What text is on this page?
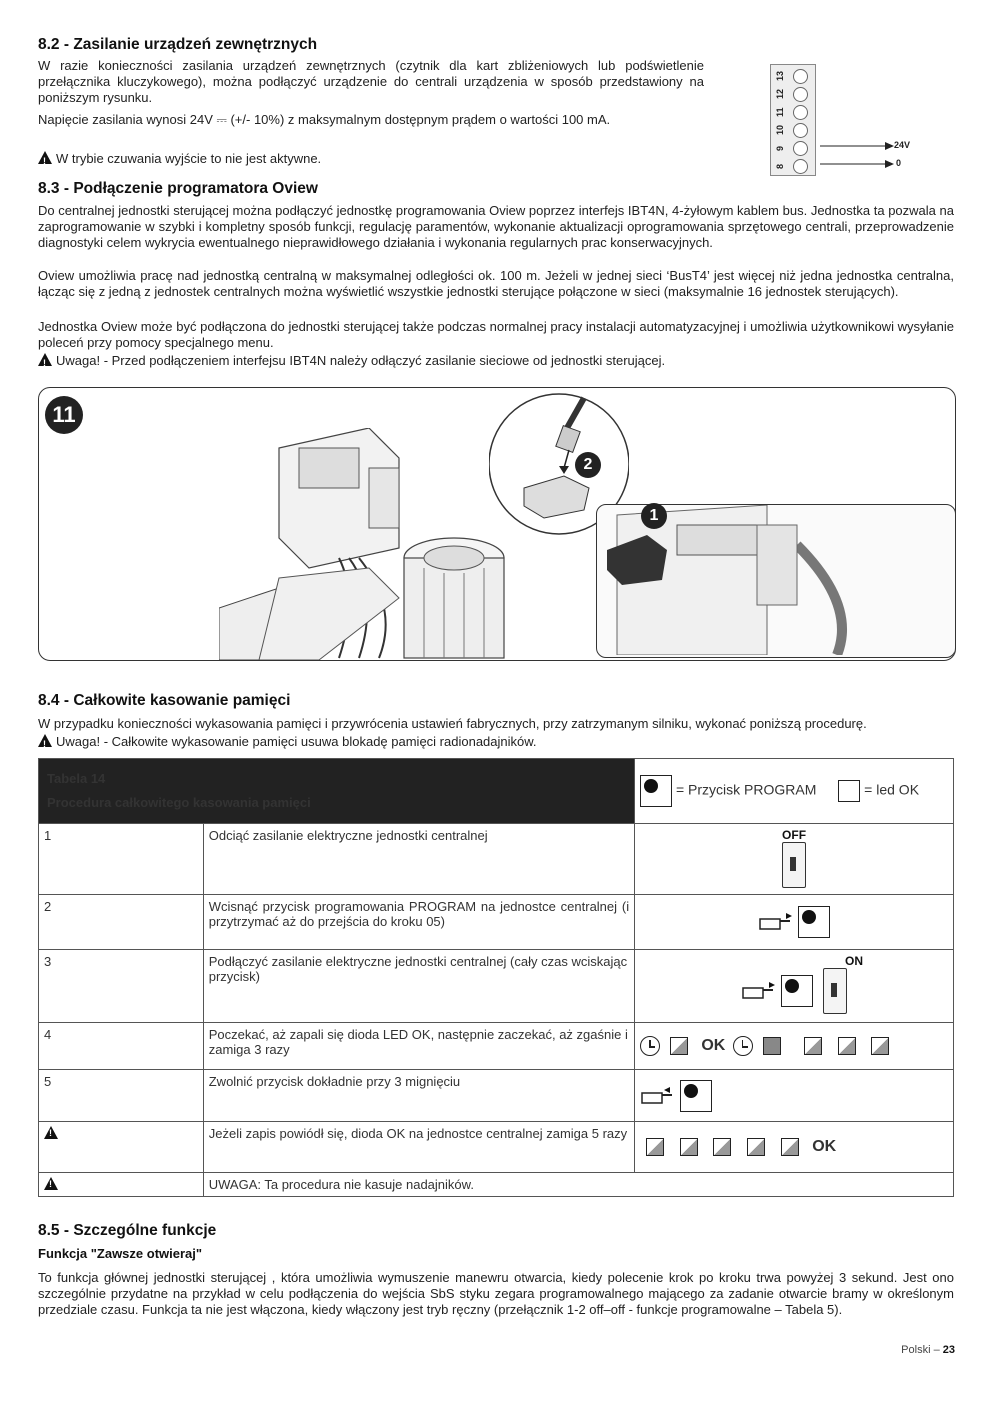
8.2 - Zasilanie urządzeń zewnętrznych

W razie konieczności zasilania urządzeń zewnętrznych (czytnik dla kart zbliżeniowych lub podświetlenie przełącznika kluczykowego), można podłączyć urządzenie do centrali urządzenia w sposób przedstawiony na poniższym rysunku.

Napięcie zasilania wynosi 24V ⎓ (+/- 10%) z maksymalnym dostępnym prądem o wartości 100 mA.

!W trybie czuwania wyjście to nie jest aktywne.

13
12
11
10
9
8
24V
0
8.3 - Podłączenie programatora Oview

Do centralnej jednostki sterującej można podłączyć jednostkę programowania Oview poprzez interfejs IBT4N, 4-żyłowym kablem bus. Jednostka ta pozwala na zaprogramowanie w szybki i kompletny sposób funkcji, regulację paramentów, wykonanie aktualizacji oprogramowania sprzętowego centrali, przeprowadzenie diagnostyki celem wykrycia ewentualnego nieprawidłowego działania i wykonania regularnych prac konserwacyjnych.

Oview umożliwia pracę nad jednostką centralną w maksymalnej odległości ok. 100 m. Jeżeli w jednej sieci ‘BusT4’ jest więcej niż jedna jednostka centralna, łącząc się z jedną z jednostek centralnych można wyświetlić wszystkie jednostki sterujące połączone w sieci (maksymalnie 16 jednostek sterujących).

Jednostka Oview może być podłączona do jednostki sterującej także podczas normalnej pracy instalacji automatyzacyjnej i umożliwia użytkownikowi wysyłanie poleceń przy pomocy specjalnego menu.

!Uwaga! - Przed podłączeniem interfejsu IBT4N należy odłączyć zasilanie sieciowe od jednostki sterującej.

11
2
1
8.4 - Całkowite kasowanie pamięci

W przypadku konieczności wykasowania pamięci i przywrócenia ustawień fabrycznych, przy zatrzymanym silniku, wykonać poniższą procedurę.

!Uwaga! - Całkowite wykasowanie pamięci usuwa blokadę pamięci radionadajników.

Tabela 14
Procedura całkowitego kasowania pamięci		= Przycisk PROGRAM = led OK
1	Odciąć zasilanie elektryczne jednostki centralnej	OFF

2	Wcisnąć przycisk programowania PROGRAM na jednostce centralnej (i przytrzymać aż do przejścia do kroku 05)	
3	Podłączyć zasilanie elektryczne jednostki centralnej (cały czas wciskając przycisk)	ON

4	Poczekać, aż zapali się dioda LED OK, następnie zaczekać, aż zgaśnie i zamiga 3 razy	OK
5	Zwolnić przycisk dokładnie przy 3 mignięciu	
!	Jeżeli zapis powiódł się, dioda OK na jednostce centralnej zamiga 5 razy	OK
!	UWAGA: Ta procedura nie kasuje nadajników.	
8.5 - Szczególne funkcje
Funkcja "Zawsze otwieraj"

To funkcja głównej jednostki sterującej , która umożliwia wymuszenie manewru otwarcia, kiedy polecenie krok po kroku trwa powyżej 3 sekund. Jest ono szczególnie przydatne na przykład w celu podłączenia do wejścia SbS styku zegara programowalnego mającego za zadanie otwarcie bramy w określonym przedziale czasu. Funkcja ta nie jest włączona, kiedy włączony jest tryb ręczny (przełącznik 1-2 off–off - funkcje programowalne – Tabela 5).

Polski – 23
